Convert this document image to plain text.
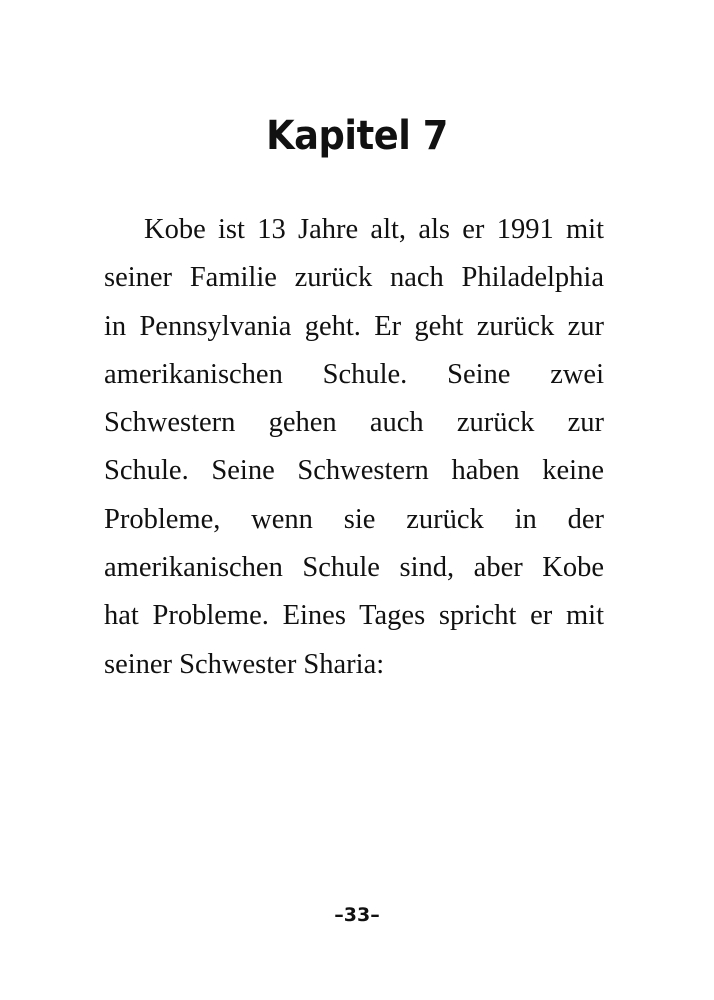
Kapitel 7
Kobe ist 13 Jahre alt, als er 1991 mit
seiner Familie zurück nach Philadelphia
in Pennsylvania geht. Er geht zurück zur
amerikanischen Schule. Seine zwei
Schwestern gehen auch zurück zur
Schule. Seine Schwestern haben keine
Probleme, wenn sie zurück in der
amerikanischen Schule sind, aber Kobe
hat Probleme. Eines Tages spricht er mit
seiner Schwester Sharia:
–33–
